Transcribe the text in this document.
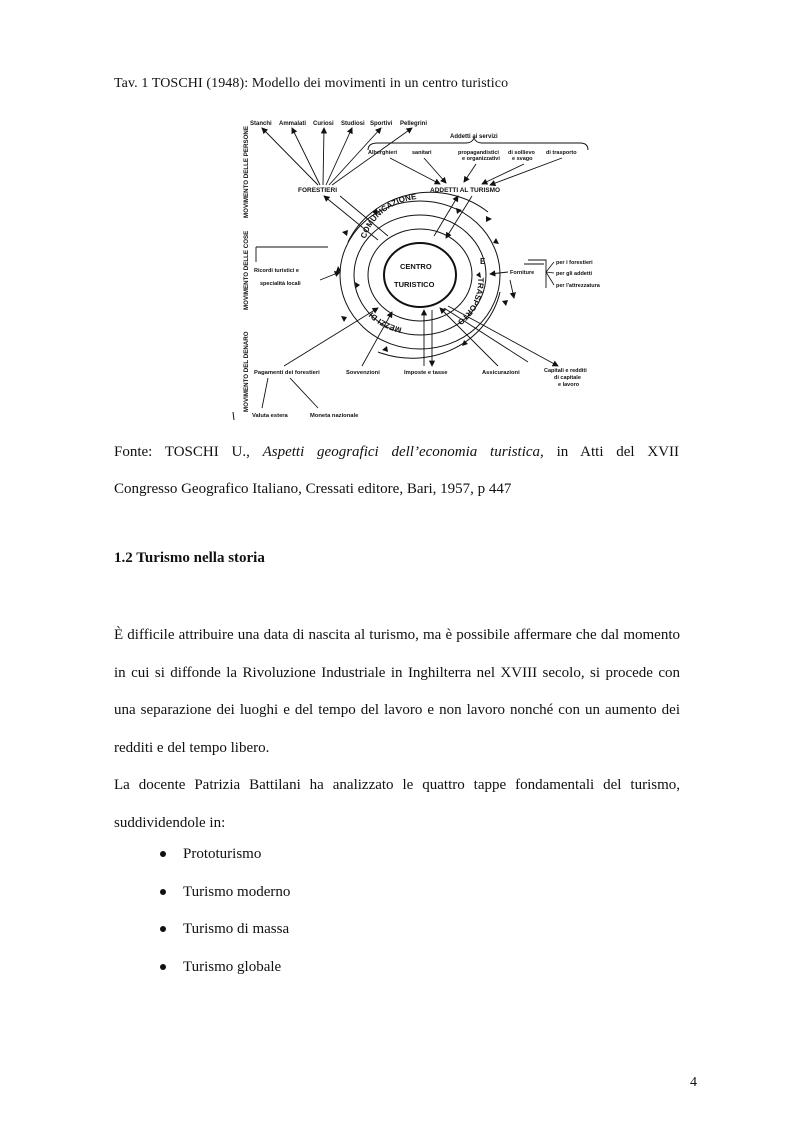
Tav. 1 TOSCHI (1948): Modello dei movimenti in un centro turistico
MOVIMENTO DELLE PERSONE
MOVIMENTO DELLE COSE
MOVIMENTO DEL DENARO
Stanchi Ammalati Curiosi Studiosi Sportivi Pellegrini
FORESTIERI
Addetti ai servizi
Alberghieri	sanitari	propagandistici
e organizzativi
di sollievo
e svago
di trasporto
ADDETTI AL TURISMO
COMUNICAZIONE
E
TRASPORTO
MEZZI DI
CENTRO
TURISTICO
Ricordi turistici e
specialità locali
Forniture
per i forestieri
per gli addetti
per l'attrezzatura
Pagamenti dei forestieri	Sovvenzioni	Imposte e tasse	Assicurazioni	Capitali e redditi
di capitale
e lavoro
Valuta estera	Moneta nazionale
Fonte: TOSCHI U., Aspetti geografici dell’economia turistica, in Atti del XVII
Congresso Geografico Italiano, Cressati editore, Bari, 1957, p 447
1.2 Turismo nella storia

È difficile attribuire una data di nascita al turismo, ma è possibile affermare che dal momento in cui si diffonde la Rivoluzione Industriale in Inghilterra nel XVIII secolo, si procede con una separazione dei luoghi e del tempo del lavoro e non lavoro nonché con un aumento dei redditi e del tempo libero.

La docente Patrizia Battilani ha analizzato le quattro tappe fondamentali del turismo, suddividendole in:

Prototurismo
Turismo moderno
Turismo di massa
Turismo globale
4
